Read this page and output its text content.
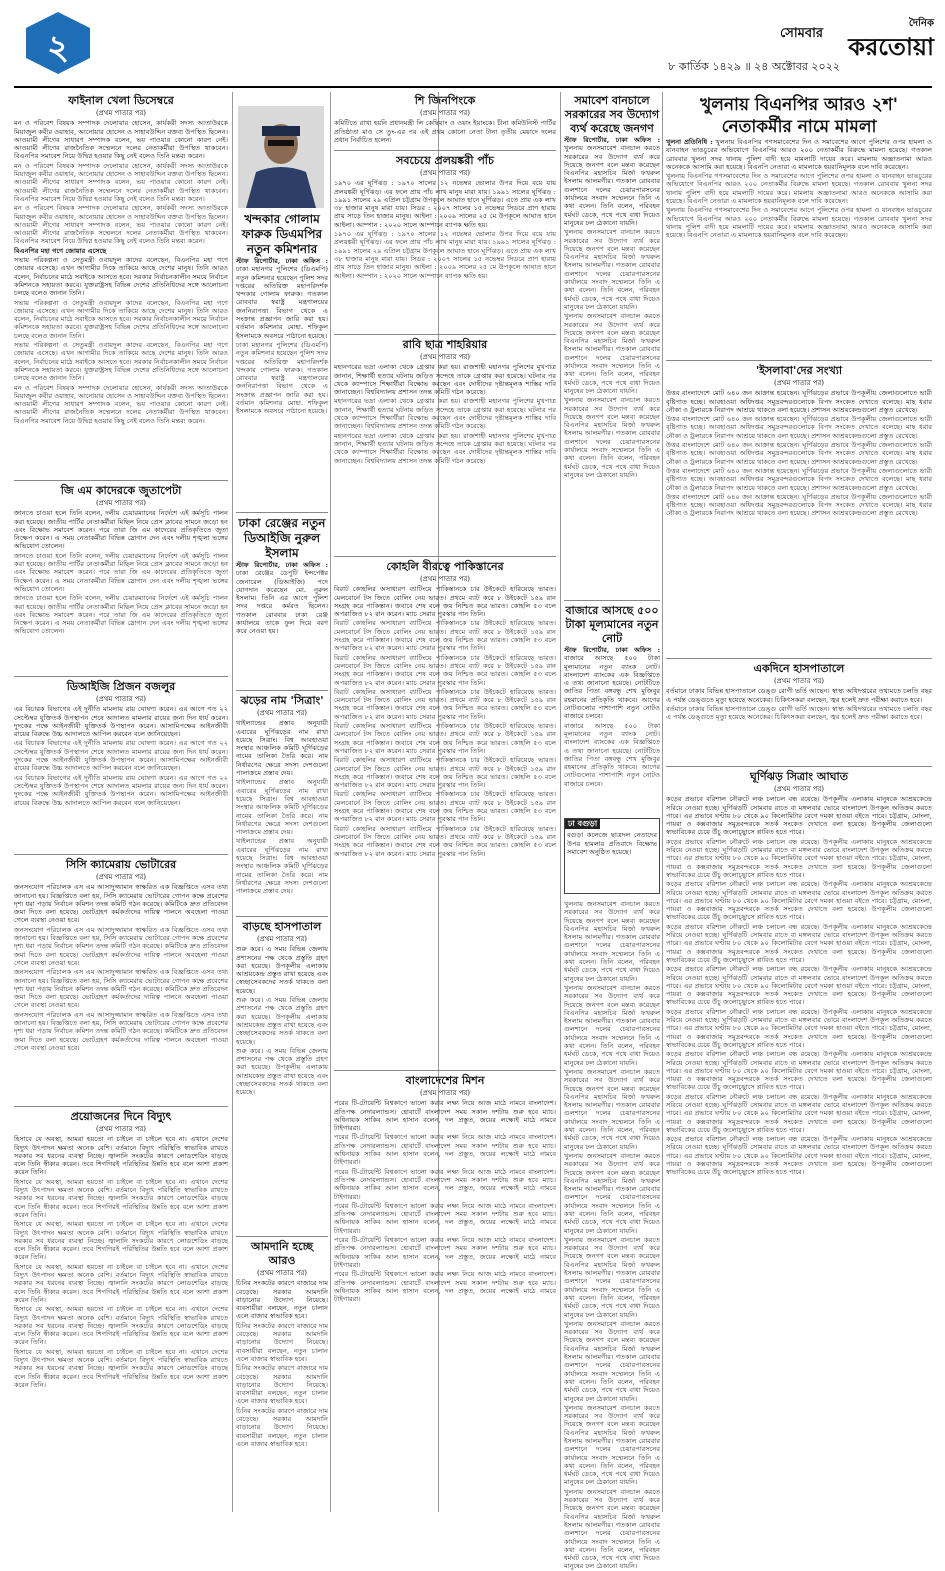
২	সোমবার
৮ কার্তিক ১৪২৯ ॥ ২৪ অক্টোবর ২০২২
দৈনিক
করতোয়া
ফাইনাল খেলা ডিসেম্বরে
(প্রথম পাতার পর)

মন ও পরিবেশ বিষয়ক সম্পাদক দেলোয়ার হোসেন, কার্যকরী সদস্য আতাউরকে মিয়াজুল কবীর ওয়াহাব, আনোয়ার হোসেন ও সাহাবউদ্দিন বক্তব্য উপস্থিত ছিলেন। আওয়ামী লীগের সাধারণ সম্পাদক বলেন, ভয় পাওয়ার কোনো কারণ নেই। আওয়ামী লীগের রাজনৈতিক সম্মেলনে দলের নেতাকর্মীরা উপস্থিত থাকবেন। বিএনপির সমাবেশ নিয়ে উদ্বিগ্ন হওয়ার কিছু নেই বলেও তিনি মন্তব্য করেন।

মন ও পরিবেশ বিষয়ক সম্পাদক দেলোয়ার হোসেন, কার্যকরী সদস্য আতাউরকে মিয়াজুল কবীর ওয়াহাব, আনোয়ার হোসেন ও সাহাবউদ্দিন বক্তব্য উপস্থিত ছিলেন। আওয়ামী লীগের সাধারণ সম্পাদক বলেন, ভয় পাওয়ার কোনো কারণ নেই। আওয়ামী লীগের রাজনৈতিক সম্মেলনে দলের নেতাকর্মীরা উপস্থিত থাকবেন। বিএনপির সমাবেশ নিয়ে উদ্বিগ্ন হওয়ার কিছু নেই বলেও তিনি মন্তব্য করেন।

মন ও পরিবেশ বিষয়ক সম্পাদক দেলোয়ার হোসেন, কার্যকরী সদস্য আতাউরকে মিয়াজুল কবীর ওয়াহাব, আনোয়ার হোসেন ও সাহাবউদ্দিন বক্তব্য উপস্থিত ছিলেন। আওয়ামী লীগের সাধারণ সম্পাদক বলেন, ভয় পাওয়ার কোনো কারণ নেই। আওয়ামী লীগের রাজনৈতিক সম্মেলনে দলের নেতাকর্মীরা উপস্থিত থাকবেন। বিএনপির সমাবেশ নিয়ে উদ্বিগ্ন হওয়ার কিছু নেই বলেও তিনি মন্তব্য করেন।

বিএনপির মহা গণে জোয়ার এসেছে

সভায় পরিকল্পনা ও সেতুমন্ত্রী ওবায়দুল কাদের বলেছেন, বিএনপির মহা গণে জোয়ার এসেছে। এখন আগামীর দিকে তাকিয়ে আছে দেশের মানুষ। তিনি আরও বলেন, নির্বাচনের মাঠে সবাইকে আসতে হবে। সরকার নির্বাচনকালীন সময়ে নির্বাচন কমিশনকে সহায়তা করবে। যুক্তরাষ্ট্রসহ বিভিন্ন দেশের প্রতিনিধিদের সঙ্গে আলোচনা চলছে বলেও জানান তিনি।

সভায় পরিকল্পনা ও সেতুমন্ত্রী ওবায়দুল কাদের বলেছেন, বিএনপির মহা গণে জোয়ার এসেছে। এখন আগামীর দিকে তাকিয়ে আছে দেশের মানুষ। তিনি আরও বলেন, নির্বাচনের মাঠে সবাইকে আসতে হবে। সরকার নির্বাচনকালীন সময়ে নির্বাচন কমিশনকে সহায়তা করবে। যুক্তরাষ্ট্রসহ বিভিন্ন দেশের প্রতিনিধিদের সঙ্গে আলোচনা চলছে বলেও জানান তিনি।

সভায় পরিকল্পনা ও সেতুমন্ত্রী ওবায়দুল কাদের বলেছেন, বিএনপির মহা গণে জোয়ার এসেছে। এখন আগামীর দিকে তাকিয়ে আছে দেশের মানুষ। তিনি আরও বলেন, নির্বাচনের মাঠে সবাইকে আসতে হবে। সরকার নির্বাচনকালীন সময়ে নির্বাচন কমিশনকে সহায়তা করবে। যুক্তরাষ্ট্রসহ বিভিন্ন দেশের প্রতিনিধিদের সঙ্গে আলোচনা চলছে বলেও জানান তিনি।

মন ও পরিবেশ বিষয়ক সম্পাদক দেলোয়ার হোসেন, কার্যকরী সদস্য আতাউরকে মিয়াজুল কবীর ওয়াহাব, আনোয়ার হোসেন ও সাহাবউদ্দিন বক্তব্য উপস্থিত ছিলেন। আওয়ামী লীগের সাধারণ সম্পাদক বলেন, ভয় পাওয়ার কোনো কারণ নেই। আওয়ামী লীগের রাজনৈতিক সম্মেলনে দলের নেতাকর্মীরা উপস্থিত থাকবেন। বিএনপির সমাবেশ নিয়ে উদ্বিগ্ন হওয়ার কিছু নেই বলেও তিনি মন্তব্য করেন।

জি এম কাদেরকে জুতাপেটা
(প্রথম পাতার পর)

জানতে চাওয়া হলে তিনি বলেন, দলীয় চেয়ারম্যানের নির্দেশে এই কর্মসূচি পালন করা হয়েছে। জাতীয় পার্টির নেতাকর্মীরা মিছিল নিয়ে প্রেস ক্লাবের সামনে জড়ো হন এবং বিক্ষোভ সমাবেশ করেন। পরে তারা জি এম কাদেরের প্রতিকৃতিতে জুতা নিক্ষেপ করেন। এ সময় নেতাকর্মীরা বিভিন্ন স্লোগান দেন এবং দলীয় শৃঙ্খলা ভঙ্গের অভিযোগ তোলেন।

জানতে চাওয়া হলে তিনি বলেন, দলীয় চেয়ারম্যানের নির্দেশে এই কর্মসূচি পালন করা হয়েছে। জাতীয় পার্টির নেতাকর্মীরা মিছিল নিয়ে প্রেস ক্লাবের সামনে জড়ো হন এবং বিক্ষোভ সমাবেশ করেন। পরে তারা জি এম কাদেরের প্রতিকৃতিতে জুতা নিক্ষেপ করেন। এ সময় নেতাকর্মীরা বিভিন্ন স্লোগান দেন এবং দলীয় শৃঙ্খলা ভঙ্গের অভিযোগ তোলেন।

জানতে চাওয়া হলে তিনি বলেন, দলীয় চেয়ারম্যানের নির্দেশে এই কর্মসূচি পালন করা হয়েছে। জাতীয় পার্টির নেতাকর্মীরা মিছিল নিয়ে প্রেস ক্লাবের সামনে জড়ো হন এবং বিক্ষোভ সমাবেশ করেন। পরে তারা জি এম কাদেরের প্রতিকৃতিতে জুতা নিক্ষেপ করেন। এ সময় নেতাকর্মীরা বিভিন্ন স্লোগান দেন এবং দলীয় শৃঙ্খলা ভঙ্গের অভিযোগ তোলেন।

ডিআইজি প্রিজন বজলুর
(প্রথম পাতার পর)

এর বিচারক বিভাগের এই দুর্নীতি মামলায় রায় ঘোষণা করেন। এর আগে গত ২২ সেপ্টেম্বর যুক্তিতর্ক উপস্থাপন শেষে আদালত মামলার রায়ের জন্য দিন ধার্য করেন। দুদকের পক্ষে আইনজীবী যুক্তিতর্ক উপস্থাপন করেন। আসামিপক্ষের আইনজীবী রায়ের বিরুদ্ধে উচ্চ আদালতে আপিল করবেন বলে জানিয়েছেন।

এর বিচারক বিভাগের এই দুর্নীতি মামলায় রায় ঘোষণা করেন। এর আগে গত ২২ সেপ্টেম্বর যুক্তিতর্ক উপস্থাপন শেষে আদালত মামলার রায়ের জন্য দিন ধার্য করেন। দুদকের পক্ষে আইনজীবী যুক্তিতর্ক উপস্থাপন করেন। আসামিপক্ষের আইনজীবী রায়ের বিরুদ্ধে উচ্চ আদালতে আপিল করবেন বলে জানিয়েছেন।

এর বিচারক বিভাগের এই দুর্নীতি মামলায় রায় ঘোষণা করেন। এর আগে গত ২২ সেপ্টেম্বর যুক্তিতর্ক উপস্থাপন শেষে আদালত মামলার রায়ের জন্য দিন ধার্য করেন। দুদকের পক্ষে আইনজীবী যুক্তিতর্ক উপস্থাপন করেন। আসামিপক্ষের আইনজীবী রায়ের বিরুদ্ধে উচ্চ আদালতে আপিল করবেন বলে জানিয়েছেন।

সিসি ক্যামেরায় ভোটারের
(প্রথম পাতার পর)

জনসংযোগ পরিচালক এস এম আসাদুজ্জামান স্বাক্ষরিত এক বিজ্ঞপ্তিতে এসব তথ্য জানানো হয়। বিজ্ঞপ্তিতে বলা হয়, সিসি ক্যামেরায় ভোটারের গোপন কক্ষে প্রবেশের দৃশ্য ধরা পড়ায় নির্বাচন কমিশন তদন্ত কমিটি গঠন করেছে। কমিটিকে দ্রুত প্রতিবেদন জমা দিতে বলা হয়েছে। ভোটগ্রহণ কর্মকর্তাদের দায়িত্ব পালনে অবহেলা পাওয়া গেলে ব্যবস্থা নেওয়া হবে।

জনসংযোগ পরিচালক এস এম আসাদুজ্জামান স্বাক্ষরিত এক বিজ্ঞপ্তিতে এসব তথ্য জানানো হয়। বিজ্ঞপ্তিতে বলা হয়, সিসি ক্যামেরায় ভোটারের গোপন কক্ষে প্রবেশের দৃশ্য ধরা পড়ায় নির্বাচন কমিশন তদন্ত কমিটি গঠন করেছে। কমিটিকে দ্রুত প্রতিবেদন জমা দিতে বলা হয়েছে। ভোটগ্রহণ কর্মকর্তাদের দায়িত্ব পালনে অবহেলা পাওয়া গেলে ব্যবস্থা নেওয়া হবে।

জনসংযোগ পরিচালক এস এম আসাদুজ্জামান স্বাক্ষরিত এক বিজ্ঞপ্তিতে এসব তথ্য জানানো হয়। বিজ্ঞপ্তিতে বলা হয়, সিসি ক্যামেরায় ভোটারের গোপন কক্ষে প্রবেশের দৃশ্য ধরা পড়ায় নির্বাচন কমিশন তদন্ত কমিটি গঠন করেছে। কমিটিকে দ্রুত প্রতিবেদন জমা দিতে বলা হয়েছে। ভোটগ্রহণ কর্মকর্তাদের দায়িত্ব পালনে অবহেলা পাওয়া গেলে ব্যবস্থা নেওয়া হবে।

জনসংযোগ পরিচালক এস এম আসাদুজ্জামান স্বাক্ষরিত এক বিজ্ঞপ্তিতে এসব তথ্য জানানো হয়। বিজ্ঞপ্তিতে বলা হয়, সিসি ক্যামেরায় ভোটারের গোপন কক্ষে প্রবেশের দৃশ্য ধরা পড়ায় নির্বাচন কমিশন তদন্ত কমিটি গঠন করেছে। কমিটিকে দ্রুত প্রতিবেদন জমা দিতে বলা হয়েছে। ভোটগ্রহণ কর্মকর্তাদের দায়িত্ব পালনে অবহেলা পাওয়া গেলে ব্যবস্থা নেওয়া হবে।

প্রয়োজনের দিনে বিদ্যুৎ
(প্রথম পাতার পর)

হিসাবে যে অবস্থা, আমরা হয়তো না চাইলে বা চাইলে হবে না। এখানে দেশের বিদ্যুৎ উৎপাদন ক্ষমতা অনেক বেশি। বর্তমানে বিদ্যুৎ পরিস্থিতি স্বাভাবিক রাখতে সরকার সব ধরনের ব্যবস্থা নিচ্ছে। জ্বালানি সংকটের কারণে লোডশেডিং বাড়ছে বলে তিনি স্বীকার করেন। তবে শিগগিরই পরিস্থিতির উন্নতি হবে বলে আশা প্রকাশ করেন তিনি।

হিসাবে যে অবস্থা, আমরা হয়তো না চাইলে বা চাইলে হবে না। এখানে দেশের বিদ্যুৎ উৎপাদন ক্ষমতা অনেক বেশি। বর্তমানে বিদ্যুৎ পরিস্থিতি স্বাভাবিক রাখতে সরকার সব ধরনের ব্যবস্থা নিচ্ছে। জ্বালানি সংকটের কারণে লোডশেডিং বাড়ছে বলে তিনি স্বীকার করেন। তবে শিগগিরই পরিস্থিতির উন্নতি হবে বলে আশা প্রকাশ করেন তিনি।

হিসাবে যে অবস্থা, আমরা হয়তো না চাইলে বা চাইলে হবে না। এখানে দেশের বিদ্যুৎ উৎপাদন ক্ষমতা অনেক বেশি। বর্তমানে বিদ্যুৎ পরিস্থিতি স্বাভাবিক রাখতে সরকার সব ধরনের ব্যবস্থা নিচ্ছে। জ্বালানি সংকটের কারণে লোডশেডিং বাড়ছে বলে তিনি স্বীকার করেন। তবে শিগগিরই পরিস্থিতির উন্নতি হবে বলে আশা প্রকাশ করেন তিনি।

হিসাবে যে অবস্থা, আমরা হয়তো না চাইলে বা চাইলে হবে না। এখানে দেশের বিদ্যুৎ উৎপাদন ক্ষমতা অনেক বেশি। বর্তমানে বিদ্যুৎ পরিস্থিতি স্বাভাবিক রাখতে সরকার সব ধরনের ব্যবস্থা নিচ্ছে। জ্বালানি সংকটের কারণে লোডশেডিং বাড়ছে বলে তিনি স্বীকার করেন। তবে শিগগিরই পরিস্থিতির উন্নতি হবে বলে আশা প্রকাশ করেন তিনি।

হিসাবে যে অবস্থা, আমরা হয়তো না চাইলে বা চাইলে হবে না। এখানে দেশের বিদ্যুৎ উৎপাদন ক্ষমতা অনেক বেশি। বর্তমানে বিদ্যুৎ পরিস্থিতি স্বাভাবিক রাখতে সরকার সব ধরনের ব্যবস্থা নিচ্ছে। জ্বালানি সংকটের কারণে লোডশেডিং বাড়ছে বলে তিনি স্বীকার করেন। তবে শিগগিরই পরিস্থিতির উন্নতি হবে বলে আশা প্রকাশ করেন তিনি।

হিসাবে যে অবস্থা, আমরা হয়তো না চাইলে বা চাইলে হবে না। এখানে দেশের বিদ্যুৎ উৎপাদন ক্ষমতা অনেক বেশি। বর্তমানে বিদ্যুৎ পরিস্থিতি স্বাভাবিক রাখতে সরকার সব ধরনের ব্যবস্থা নিচ্ছে। জ্বালানি সংকটের কারণে লোডশেডিং বাড়ছে বলে তিনি স্বীকার করেন। তবে শিগগিরই পরিস্থিতির উন্নতি হবে বলে আশা প্রকাশ করেন তিনি।

খন্দকার গোলাম ফারুক ডিএমপির নতুন কমিশনার

স্টাফ রিপোর্টার, ঢাকা অফিস : ঢাকা মহানগর পুলিশের (ডিএমপি) নতুন কমিশনার হয়েছেন পুলিশ সদর দপ্তরের অতিরিক্ত মহাপরিদর্শক খন্দকার গোলাম ফারুক। গতকাল রোববার স্বরাষ্ট্র মন্ত্রণালয়ের জননিরাপত্তা বিভাগ থেকে এ সংক্রান্ত প্রজ্ঞাপন জারি করা হয়। বর্তমান কমিশনার মোহা. শফিকুল ইসলামকে অবসরে পাঠানো হয়েছে।

ঢাকা মহানগর পুলিশের (ডিএমপি) নতুন কমিশনার হয়েছেন পুলিশ সদর দপ্তরের অতিরিক্ত মহাপরিদর্শক খন্দকার গোলাম ফারুক। গতকাল রোববার স্বরাষ্ট্র মন্ত্রণালয়ের জননিরাপত্তা বিভাগ থেকে এ সংক্রান্ত প্রজ্ঞাপন জারি করা হয়। বর্তমান কমিশনার মোহা. শফিকুল ইসলামকে অবসরে পাঠানো হয়েছে।

ঢাকা রেঞ্জের নতুন ডিআইজি নুরুল ইসলাম

স্টাফ রিপোর্টার, ঢাকা অফিস : ঢাকা রেঞ্জের ডেপুটি ইন্সপেক্টর জেনারেল (ডিআইজি) পদে যোগদান করেছেন মো. নুরুল ইসলাম। তিনি এর আগে পুলিশ সদর দপ্তরে কর্মরত ছিলেন। গতকাল রোববার ঢাকা রেঞ্জ কার্যালয়ে তাকে ফুল দিয়ে বরণ করে নেওয়া হয়।

ঝড়ের নাম 'সিত্রাং'
(প্রথম পাতার পর)

থাইল্যান্ডের প্রস্তাব অনুযায়ী এবারের ঘূর্ণিঝড়ের নাম রাখা হয়েছে সিত্রাং। বিশ্ব আবহাওয়া সংস্থার আঞ্চলিক কমিটি ঘূর্ণিঝড়ের নামের তালিকা তৈরি করে। নাম নির্ধারণের ক্ষেত্রে সদস্য দেশগুলো পালাক্রমে প্রস্তাব দেয়।

থাইল্যান্ডের প্রস্তাব অনুযায়ী এবারের ঘূর্ণিঝড়ের নাম রাখা হয়েছে সিত্রাং। বিশ্ব আবহাওয়া সংস্থার আঞ্চলিক কমিটি ঘূর্ণিঝড়ের নামের তালিকা তৈরি করে। নাম নির্ধারণের ক্ষেত্রে সদস্য দেশগুলো পালাক্রমে প্রস্তাব দেয়।

থাইল্যান্ডের প্রস্তাব অনুযায়ী এবারের ঘূর্ণিঝড়ের নাম রাখা হয়েছে সিত্রাং। বিশ্ব আবহাওয়া সংস্থার আঞ্চলিক কমিটি ঘূর্ণিঝড়ের নামের তালিকা তৈরি করে। নাম নির্ধারণের ক্ষেত্রে সদস্য দেশগুলো পালাক্রমে প্রস্তাব দেয়।

বাড়ছে হাসপাতাল
(প্রথম পাতার পর)

শুরু করে। এ সময় বিভিন্ন জেলায় প্রশাসনের পক্ষ থেকে প্রস্তুতি গ্রহণ করা হয়েছে। উপকূলীয় এলাকায় আশ্রয়কেন্দ্র প্রস্তুত রাখা হয়েছে এবং স্বেচ্ছাসেবকদের সতর্ক থাকতে বলা হয়েছে।

শুরু করে। এ সময় বিভিন্ন জেলায় প্রশাসনের পক্ষ থেকে প্রস্তুতি গ্রহণ করা হয়েছে। উপকূলীয় এলাকায় আশ্রয়কেন্দ্র প্রস্তুত রাখা হয়েছে এবং স্বেচ্ছাসেবকদের সতর্ক থাকতে বলা হয়েছে।

শুরু করে। এ সময় বিভিন্ন জেলায় প্রশাসনের পক্ষ থেকে প্রস্তুতি গ্রহণ করা হয়েছে। উপকূলীয় এলাকায় আশ্রয়কেন্দ্র প্রস্তুত রাখা হয়েছে এবং স্বেচ্ছাসেবকদের সতর্ক থাকতে বলা হয়েছে।

আমদানি হচ্ছে আরও
(প্রথম পাতার পর)

চিনির সংকটের কারণে বাজারে দাম বেড়েছে। সরকার আমদানি বাড়ানোর উদ্যোগ নিয়েছে। ব্যবসায়ীরা বলছেন, নতুন চালান এলে বাজার স্বাভাবিক হবে।

চিনির সংকটের কারণে বাজারে দাম বেড়েছে। সরকার আমদানি বাড়ানোর উদ্যোগ নিয়েছে। ব্যবসায়ীরা বলছেন, নতুন চালান এলে বাজার স্বাভাবিক হবে।

চিনির সংকটের কারণে বাজারে দাম বেড়েছে। সরকার আমদানি বাড়ানোর উদ্যোগ নিয়েছে। ব্যবসায়ীরা বলছেন, নতুন চালান এলে বাজার স্বাভাবিক হবে।

চিনির সংকটের কারণে বাজারে দাম বেড়েছে। সরকার আমদানি বাড়ানোর উদ্যোগ নিয়েছে। ব্যবসায়ীরা বলছেন, নতুন চালান এলে বাজার স্বাভাবিক হবে।

শি জিনপিংকে
(প্রথম পাতার পর)

কমিটিতে রাখা হয়নি প্রধানমন্ত্রী লি কেছিয়াং ও ওয়াং ইয়াংকে। চীনা কমিউনিস্ট পার্টির প্রতিষ্ঠাতা মাও সে তুং-এর পর এই প্রথম কোনো নেতা টানা তৃতীয় মেয়াদে দলের প্রধান নির্বাচিত হলেন।

সবচেয়ে প্রলয়ঙ্করী পাঁচ
(প্রথম পাতার পর)

১৯৭০ এর ঘূর্ণিঝড় : ১৯৭০ সালের ১২ নভেম্বর ভোলার উপর দিয়ে বয়ে যায় প্রলয়ঙ্করী ঘূর্ণিঝড়। এর ফলে প্রায় পাঁচ লাখ মানুষ মারা যায়। ১৯৯১ সালের ঘূর্ণিঝড় : ১৯৯১ সালের ২৯ এপ্রিল চট্টগ্রাম উপকূলে আঘাত হানে ঘূর্ণিঝড়। এতে প্রায় এক লাখ ৩৮ হাজার মানুষ মারা যায়। সিডর : ২০০৭ সালের ১৫ নভেম্বর সিডরে প্রাণ হারায় প্রায় সাড়ে তিন হাজার মানুষ। আইলা : ২০০৯ সালের ২৫ মে উপকূলে আঘাত হানে আইলা। আম্পান : ২০২০ সালে আম্পানে ব্যাপক ক্ষতি হয়।

১৯৭০ এর ঘূর্ণিঝড় : ১৯৭০ সালের ১২ নভেম্বর ভোলার উপর দিয়ে বয়ে যায় প্রলয়ঙ্করী ঘূর্ণিঝড়। এর ফলে প্রায় পাঁচ লাখ মানুষ মারা যায়। ১৯৯১ সালের ঘূর্ণিঝড় : ১৯৯১ সালের ২৯ এপ্রিল চট্টগ্রাম উপকূলে আঘাত হানে ঘূর্ণিঝড়। এতে প্রায় এক লাখ ৩৮ হাজার মানুষ মারা যায়। সিডর : ২০০৭ সালের ১৫ নভেম্বর সিডরে প্রাণ হারায় প্রায় সাড়ে তিন হাজার মানুষ। আইলা : ২০০৯ সালের ২৫ মে উপকূলে আঘাত হানে আইলা। আম্পান : ২০২০ সালে আম্পানে ব্যাপক ক্ষতি হয়।

রাবি ছাত্র শাহরিয়ার
(প্রথম পাতার পর)

মহানগরের ভদ্রা এলাকা থেকে গ্রেপ্তার করা হয়। রাজশাহী মহানগর পুলিশের মুখপাত্র জানান, শিক্ষার্থী হত্যার ঘটনায় জড়িত সন্দেহে তাকে গ্রেপ্তার করা হয়েছে। ঘটনার পর থেকে ক্যাম্পাসে শিক্ষার্থীরা বিক্ষোভ করছেন এবং দোষীদের দৃষ্টান্তমূলক শাস্তির দাবি জানাচ্ছেন। বিশ্ববিদ্যালয় প্রশাসন তদন্ত কমিটি গঠন করেছে।

মহানগরের ভদ্রা এলাকা থেকে গ্রেপ্তার করা হয়। রাজশাহী মহানগর পুলিশের মুখপাত্র জানান, শিক্ষার্থী হত্যার ঘটনায় জড়িত সন্দেহে তাকে গ্রেপ্তার করা হয়েছে। ঘটনার পর থেকে ক্যাম্পাসে শিক্ষার্থীরা বিক্ষোভ করছেন এবং দোষীদের দৃষ্টান্তমূলক শাস্তির দাবি জানাচ্ছেন। বিশ্ববিদ্যালয় প্রশাসন তদন্ত কমিটি গঠন করেছে।

মহানগরের ভদ্রা এলাকা থেকে গ্রেপ্তার করা হয়। রাজশাহী মহানগর পুলিশের মুখপাত্র জানান, শিক্ষার্থী হত্যার ঘটনায় জড়িত সন্দেহে তাকে গ্রেপ্তার করা হয়েছে। ঘটনার পর থেকে ক্যাম্পাসে শিক্ষার্থীরা বিক্ষোভ করছেন এবং দোষীদের দৃষ্টান্তমূলক শাস্তির দাবি জানাচ্ছেন। বিশ্ববিদ্যালয় প্রশাসন তদন্ত কমিটি গঠন করেছে।

কোহলি বীরত্বে পাকিস্তানের
(প্রথম পাতার পর)

বিরাট কোহলির অসাধারণ ব্যাটিংয়ে পাকিস্তানকে চার উইকেটে হারিয়েছে ভারত। মেলবোর্নে টস জিতে বোলিং নেয় ভারত। প্রথমে ব্যাট করে ৮ উইকেটে ১৫৯ রান সংগ্রহ করে পাকিস্তান। জবাবে শেষ বলে জয় নিশ্চিত করে ভারত। কোহলি ৫৩ বলে অপরাজিত ৮২ রান করেন। ম্যাচ সেরার পুরস্কার পান তিনি।

বিরাট কোহলির অসাধারণ ব্যাটিংয়ে পাকিস্তানকে চার উইকেটে হারিয়েছে ভারত। মেলবোর্নে টস জিতে বোলিং নেয় ভারত। প্রথমে ব্যাট করে ৮ উইকেটে ১৫৯ রান সংগ্রহ করে পাকিস্তান। জবাবে শেষ বলে জয় নিশ্চিত করে ভারত। কোহলি ৫৩ বলে অপরাজিত ৮২ রান করেন। ম্যাচ সেরার পুরস্কার পান তিনি।

বিরাট কোহলির অসাধারণ ব্যাটিংয়ে পাকিস্তানকে চার উইকেটে হারিয়েছে ভারত। মেলবোর্নে টস জিতে বোলিং নেয় ভারত। প্রথমে ব্যাট করে ৮ উইকেটে ১৫৯ রান সংগ্রহ করে পাকিস্তান। জবাবে শেষ বলে জয় নিশ্চিত করে ভারত। কোহলি ৫৩ বলে অপরাজিত ৮২ রান করেন। ম্যাচ সেরার পুরস্কার পান তিনি।

বিরাট কোহলির অসাধারণ ব্যাটিংয়ে পাকিস্তানকে চার উইকেটে হারিয়েছে ভারত। মেলবোর্নে টস জিতে বোলিং নেয় ভারত। প্রথমে ব্যাট করে ৮ উইকেটে ১৫৯ রান সংগ্রহ করে পাকিস্তান। জবাবে শেষ বলে জয় নিশ্চিত করে ভারত। কোহলি ৫৩ বলে অপরাজিত ৮২ রান করেন। ম্যাচ সেরার পুরস্কার পান তিনি।

বিরাট কোহলির অসাধারণ ব্যাটিংয়ে পাকিস্তানকে চার উইকেটে হারিয়েছে ভারত। মেলবোর্নে টস জিতে বোলিং নেয় ভারত। প্রথমে ব্যাট করে ৮ উইকেটে ১৫৯ রান সংগ্রহ করে পাকিস্তান। জবাবে শেষ বলে জয় নিশ্চিত করে ভারত। কোহলি ৫৩ বলে অপরাজিত ৮২ রান করেন। ম্যাচ সেরার পুরস্কার পান তিনি।

বিরাট কোহলির অসাধারণ ব্যাটিংয়ে পাকিস্তানকে চার উইকেটে হারিয়েছে ভারত। মেলবোর্নে টস জিতে বোলিং নেয় ভারত। প্রথমে ব্যাট করে ৮ উইকেটে ১৫৯ রান সংগ্রহ করে পাকিস্তান। জবাবে শেষ বলে জয় নিশ্চিত করে ভারত। কোহলি ৫৩ বলে অপরাজিত ৮২ রান করেন। ম্যাচ সেরার পুরস্কার পান তিনি।

বিরাট কোহলির অসাধারণ ব্যাটিংয়ে পাকিস্তানকে চার উইকেটে হারিয়েছে ভারত। মেলবোর্নে টস জিতে বোলিং নেয় ভারত। প্রথমে ব্যাট করে ৮ উইকেটে ১৫৯ রান সংগ্রহ করে পাকিস্তান। জবাবে শেষ বলে জয় নিশ্চিত করে ভারত। কোহলি ৫৩ বলে অপরাজিত ৮২ রান করেন। ম্যাচ সেরার পুরস্কার পান তিনি।

বিরাট কোহলির অসাধারণ ব্যাটিংয়ে পাকিস্তানকে চার উইকেটে হারিয়েছে ভারত। মেলবোর্নে টস জিতে বোলিং নেয় ভারত। প্রথমে ব্যাট করে ৮ উইকেটে ১৫৯ রান সংগ্রহ করে পাকিস্তান। জবাবে শেষ বলে জয় নিশ্চিত করে ভারত। কোহলি ৫৩ বলে অপরাজিত ৮২ রান করেন। ম্যাচ সেরার পুরস্কার পান তিনি।

বাংলাদেশের মিশন
(প্রথম পাতার পর)

পরের টি-টোয়েন্টি বিশ্বকাপে ভালো করার লক্ষ্য নিয়ে আজ মাঠে নামবে বাংলাদেশ। প্রতিপক্ষ নেদারল্যান্ডস। হোবার্টে বাংলাদেশ সময় সকাল দশটায় শুরু হবে ম্যাচ। অধিনায়ক সাকিব আল হাসান বলেন, দল প্রস্তুত, জয়ের লক্ষ্যেই মাঠে নামবে টাইগাররা।

পরের টি-টোয়েন্টি বিশ্বকাপে ভালো করার লক্ষ্য নিয়ে আজ মাঠে নামবে বাংলাদেশ। প্রতিপক্ষ নেদারল্যান্ডস। হোবার্টে বাংলাদেশ সময় সকাল দশটায় শুরু হবে ম্যাচ। অধিনায়ক সাকিব আল হাসান বলেন, দল প্রস্তুত, জয়ের লক্ষ্যেই মাঠে নামবে টাইগাররা।

পরের টি-টোয়েন্টি বিশ্বকাপে ভালো করার লক্ষ্য নিয়ে আজ মাঠে নামবে বাংলাদেশ। প্রতিপক্ষ নেদারল্যান্ডস। হোবার্টে বাংলাদেশ সময় সকাল দশটায় শুরু হবে ম্যাচ। অধিনায়ক সাকিব আল হাসান বলেন, দল প্রস্তুত, জয়ের লক্ষ্যেই মাঠে নামবে টাইগাররা।

পরের টি-টোয়েন্টি বিশ্বকাপে ভালো করার লক্ষ্য নিয়ে আজ মাঠে নামবে বাংলাদেশ। প্রতিপক্ষ নেদারল্যান্ডস। হোবার্টে বাংলাদেশ সময় সকাল দশটায় শুরু হবে ম্যাচ। অধিনায়ক সাকিব আল হাসান বলেন, দল প্রস্তুত, জয়ের লক্ষ্যেই মাঠে নামবে টাইগাররা।

পরের টি-টোয়েন্টি বিশ্বকাপে ভালো করার লক্ষ্য নিয়ে আজ মাঠে নামবে বাংলাদেশ। প্রতিপক্ষ নেদারল্যান্ডস। হোবার্টে বাংলাদেশ সময় সকাল দশটায় শুরু হবে ম্যাচ। অধিনায়ক সাকিব আল হাসান বলেন, দল প্রস্তুত, জয়ের লক্ষ্যেই মাঠে নামবে টাইগাররা।

পরের টি-টোয়েন্টি বিশ্বকাপে ভালো করার লক্ষ্য নিয়ে আজ মাঠে নামবে বাংলাদেশ। প্রতিপক্ষ নেদারল্যান্ডস। হোবার্টে বাংলাদেশ সময় সকাল দশটায় শুরু হবে ম্যাচ। অধিনায়ক সাকিব আল হাসান বলেন, দল প্রস্তুত, জয়ের লক্ষ্যেই মাঠে নামবে টাইগাররা।

সমাবেশ বানচালে সরকারের সব উদ্যোগ ব্যর্থ করেছে জনগণ

স্টাফ রিপোর্টার, ঢাকা অফিস : খুলনায় জনসমাবেশ বানচাল করতে সরকারের সব উদ্যোগ ব্যর্থ করে দিয়েছে জনগণ বলে মন্তব্য করেছেন বিএনপির মহাসচিব মির্জা ফখরুল ইসলাম আলমগীর। গতকাল রোববার গুলশানে দলের চেয়ারপারসনের কার্যালয়ে সংবাদ সম্মেলনে তিনি এ কথা বলেন। তিনি বলেন, পরিবহন ধর্মঘট ডেকে, পথে পথে বাধা দিয়েও মানুষের ঢল ঠেকানো যায়নি।

খুলনায় জনসমাবেশ বানচাল করতে সরকারের সব উদ্যোগ ব্যর্থ করে দিয়েছে জনগণ বলে মন্তব্য করেছেন বিএনপির মহাসচিব মির্জা ফখরুল ইসলাম আলমগীর। গতকাল রোববার গুলশানে দলের চেয়ারপারসনের কার্যালয়ে সংবাদ সম্মেলনে তিনি এ কথা বলেন। তিনি বলেন, পরিবহন ধর্মঘট ডেকে, পথে পথে বাধা দিয়েও মানুষের ঢল ঠেকানো যায়নি।

খুলনায় জনসমাবেশ বানচাল করতে সরকারের সব উদ্যোগ ব্যর্থ করে দিয়েছে জনগণ বলে মন্তব্য করেছেন বিএনপির মহাসচিব মির্জা ফখরুল ইসলাম আলমগীর। গতকাল রোববার গুলশানে দলের চেয়ারপারসনের কার্যালয়ে সংবাদ সম্মেলনে তিনি এ কথা বলেন। তিনি বলেন, পরিবহন ধর্মঘট ডেকে, পথে পথে বাধা দিয়েও মানুষের ঢল ঠেকানো যায়নি।

খুলনায় জনসমাবেশ বানচাল করতে সরকারের সব উদ্যোগ ব্যর্থ করে দিয়েছে জনগণ বলে মন্তব্য করেছেন বিএনপির মহাসচিব মির্জা ফখরুল ইসলাম আলমগীর। গতকাল রোববার গুলশানে দলের চেয়ারপারসনের কার্যালয়ে সংবাদ সম্মেলনে তিনি এ কথা বলেন। তিনি বলেন, পরিবহন ধর্মঘট ডেকে, পথে পথে বাধা দিয়েও মানুষের ঢল ঠেকানো যায়নি।

বাজারে আসছে ৫০০ টাকা মূল্যমানের নতুন নোট

স্টাফ রিপোর্টার, ঢাকা অফিস : বাজারে আসছে ৫০০ টাকা মূল্যমানের নতুন ব্যাংক নোট। বাংলাদেশ ব্যাংকের এক বিজ্ঞপ্তিতে এ তথ্য জানানো হয়েছে। নোটটিতে জাতির পিতা বঙ্গবন্ধু শেখ মুজিবুর রহমানের প্রতিকৃতি থাকবে। আগের নোটগুলোর পাশাপাশি নতুন নোটও বাজারে চলবে।

বাজারে আসছে ৫০০ টাকা মূল্যমানের নতুন ব্যাংক নোট। বাংলাদেশ ব্যাংকের এক বিজ্ঞপ্তিতে এ তথ্য জানানো হয়েছে। নোটটিতে জাতির পিতা বঙ্গবন্ধু শেখ মুজিবুর রহমানের প্রতিকৃতি থাকবে। আগের নোটগুলোর পাশাপাশি নতুন নোটও বাজারে চলবে।

ঢা বগুড়া

বগুড়া কলেজে ছাত্রদল নেতাদের উপর হামলার প্রতিবাদে বিক্ষোভ সমাবেশ অনুষ্ঠিত হয়েছে।

খুলনায় জনসমাবেশ বানচাল করতে সরকারের সব উদ্যোগ ব্যর্থ করে দিয়েছে জনগণ বলে মন্তব্য করেছেন বিএনপির মহাসচিব মির্জা ফখরুল ইসলাম আলমগীর। গতকাল রোববার গুলশানে দলের চেয়ারপারসনের কার্যালয়ে সংবাদ সম্মেলনে তিনি এ কথা বলেন। তিনি বলেন, পরিবহন ধর্মঘট ডেকে, পথে পথে বাধা দিয়েও মানুষের ঢল ঠেকানো যায়নি।

খুলনায় জনসমাবেশ বানচাল করতে সরকারের সব উদ্যোগ ব্যর্থ করে দিয়েছে জনগণ বলে মন্তব্য করেছেন বিএনপির মহাসচিব মির্জা ফখরুল ইসলাম আলমগীর। গতকাল রোববার গুলশানে দলের চেয়ারপারসনের কার্যালয়ে সংবাদ সম্মেলনে তিনি এ কথা বলেন। তিনি বলেন, পরিবহন ধর্মঘট ডেকে, পথে পথে বাধা দিয়েও মানুষের ঢল ঠেকানো যায়নি।

খুলনায় জনসমাবেশ বানচাল করতে সরকারের সব উদ্যোগ ব্যর্থ করে দিয়েছে জনগণ বলে মন্তব্য করেছেন বিএনপির মহাসচিব মির্জা ফখরুল ইসলাম আলমগীর। গতকাল রোববার গুলশানে দলের চেয়ারপারসনের কার্যালয়ে সংবাদ সম্মেলনে তিনি এ কথা বলেন। তিনি বলেন, পরিবহন ধর্মঘট ডেকে, পথে পথে বাধা দিয়েও মানুষের ঢল ঠেকানো যায়নি।

খুলনায় জনসমাবেশ বানচাল করতে সরকারের সব উদ্যোগ ব্যর্থ করে দিয়েছে জনগণ বলে মন্তব্য করেছেন বিএনপির মহাসচিব মির্জা ফখরুল ইসলাম আলমগীর। গতকাল রোববার গুলশানে দলের চেয়ারপারসনের কার্যালয়ে সংবাদ সম্মেলনে তিনি এ কথা বলেন। তিনি বলেন, পরিবহন ধর্মঘট ডেকে, পথে পথে বাধা দিয়েও মানুষের ঢল ঠেকানো যায়নি।

খুলনায় জনসমাবেশ বানচাল করতে সরকারের সব উদ্যোগ ব্যর্থ করে দিয়েছে জনগণ বলে মন্তব্য করেছেন বিএনপির মহাসচিব মির্জা ফখরুল ইসলাম আলমগীর। গতকাল রোববার গুলশানে দলের চেয়ারপারসনের কার্যালয়ে সংবাদ সম্মেলনে তিনি এ কথা বলেন। তিনি বলেন, পরিবহন ধর্মঘট ডেকে, পথে পথে বাধা দিয়েও মানুষের ঢল ঠেকানো যায়নি।

খুলনায় জনসমাবেশ বানচাল করতে সরকারের সব উদ্যোগ ব্যর্থ করে দিয়েছে জনগণ বলে মন্তব্য করেছেন বিএনপির মহাসচিব মির্জা ফখরুল ইসলাম আলমগীর। গতকাল রোববার গুলশানে দলের চেয়ারপারসনের কার্যালয়ে সংবাদ সম্মেলনে তিনি এ কথা বলেন। তিনি বলেন, পরিবহন ধর্মঘট ডেকে, পথে পথে বাধা দিয়েও মানুষের ঢল ঠেকানো যায়নি।

খুলনায় জনসমাবেশ বানচাল করতে সরকারের সব উদ্যোগ ব্যর্থ করে দিয়েছে জনগণ বলে মন্তব্য করেছেন বিএনপির মহাসচিব মির্জা ফখরুল ইসলাম আলমগীর। গতকাল রোববার গুলশানে দলের চেয়ারপারসনের কার্যালয়ে সংবাদ সম্মেলনে তিনি এ কথা বলেন। তিনি বলেন, পরিবহন ধর্মঘট ডেকে, পথে পথে বাধা দিয়েও মানুষের ঢল ঠেকানো যায়নি।

খুলনায় জনসমাবেশ বানচাল করতে সরকারের সব উদ্যোগ ব্যর্থ করে দিয়েছে জনগণ বলে মন্তব্য করেছেন বিএনপির মহাসচিব মির্জা ফখরুল ইসলাম আলমগীর। গতকাল রোববার গুলশানে দলের চেয়ারপারসনের কার্যালয়ে সংবাদ সম্মেলনে তিনি এ কথা বলেন। তিনি বলেন, পরিবহন ধর্মঘট ডেকে, পথে পথে বাধা দিয়েও মানুষের ঢল ঠেকানো যায়নি।

খুলনায় বিএনপির আরও ২শ' নেতাকর্মীর নামে মামলা

খুলনা প্রতিনিধি : খুলনায় বিএনপির গণসমাবেশের দিন ও সমাবেশের আগে পুলিশের ওপর হামলা ও যানবাহন ভাঙচুরের অভিযোগে বিএনপির আরও ২০০ নেতাকর্মীর বিরুদ্ধে মামলা হয়েছে। গতকাল রোববার খুলনা সদর থানায় পুলিশ বাদী হয়ে মামলাটি দায়ের করে। মামলায় অজ্ঞাতনামা আরও অনেককে আসামি করা হয়েছে। বিএনপি নেতারা এ মামলাকে হয়রানিমূলক বলে দাবি করেছেন।

খুলনায় বিএনপির গণসমাবেশের দিন ও সমাবেশের আগে পুলিশের ওপর হামলা ও যানবাহন ভাঙচুরের অভিযোগে বিএনপির আরও ২০০ নেতাকর্মীর বিরুদ্ধে মামলা হয়েছে। গতকাল রোববার খুলনা সদর থানায় পুলিশ বাদী হয়ে মামলাটি দায়ের করে। মামলায় অজ্ঞাতনামা আরও অনেককে আসামি করা হয়েছে। বিএনপি নেতারা এ মামলাকে হয়রানিমূলক বলে দাবি করেছেন।

খুলনায় বিএনপির গণসমাবেশের দিন ও সমাবেশের আগে পুলিশের ওপর হামলা ও যানবাহন ভাঙচুরের অভিযোগে বিএনপির আরও ২০০ নেতাকর্মীর বিরুদ্ধে মামলা হয়েছে। গতকাল রোববার খুলনা সদর থানায় পুলিশ বাদী হয়ে মামলাটি দায়ের করে। মামলায় অজ্ঞাতনামা আরও অনেককে আসামি করা হয়েছে। বিএনপি নেতারা এ মামলাকে হয়রানিমূলক বলে দাবি করেছেন।

'ইসলাবা'দের সংখ্যা
(প্রথম পাতার পর)

উত্তর বাংলাদেশে মোট ৬৪০ জন আক্রান্ত হয়েছেন। ঘূর্ণিঝড়ের প্রভাবে উপকূলীয় জেলাগুলোতে ভারী বৃষ্টিপাত হচ্ছে। আবহাওয়া অধিদপ্তর সমুদ্রবন্দরগুলোকে বিপদ সংকেত দেখাতে বলেছে। মাছ ধরার নৌকা ও ট্রলারকে নিরাপদ আশ্রয়ে থাকতে বলা হয়েছে। প্রশাসন আশ্রয়কেন্দ্রগুলো প্রস্তুত রেখেছে।

উত্তর বাংলাদেশে মোট ৬৪০ জন আক্রান্ত হয়েছেন। ঘূর্ণিঝড়ের প্রভাবে উপকূলীয় জেলাগুলোতে ভারী বৃষ্টিপাত হচ্ছে। আবহাওয়া অধিদপ্তর সমুদ্রবন্দরগুলোকে বিপদ সংকেত দেখাতে বলেছে। মাছ ধরার নৌকা ও ট্রলারকে নিরাপদ আশ্রয়ে থাকতে বলা হয়েছে। প্রশাসন আশ্রয়কেন্দ্রগুলো প্রস্তুত রেখেছে।

উত্তর বাংলাদেশে মোট ৬৪০ জন আক্রান্ত হয়েছেন। ঘূর্ণিঝড়ের প্রভাবে উপকূলীয় জেলাগুলোতে ভারী বৃষ্টিপাত হচ্ছে। আবহাওয়া অধিদপ্তর সমুদ্রবন্দরগুলোকে বিপদ সংকেত দেখাতে বলেছে। মাছ ধরার নৌকা ও ট্রলারকে নিরাপদ আশ্রয়ে থাকতে বলা হয়েছে। প্রশাসন আশ্রয়কেন্দ্রগুলো প্রস্তুত রেখেছে।

উত্তর বাংলাদেশে মোট ৬৪০ জন আক্রান্ত হয়েছেন। ঘূর্ণিঝড়ের প্রভাবে উপকূলীয় জেলাগুলোতে ভারী বৃষ্টিপাত হচ্ছে। আবহাওয়া অধিদপ্তর সমুদ্রবন্দরগুলোকে বিপদ সংকেত দেখাতে বলেছে। মাছ ধরার নৌকা ও ট্রলারকে নিরাপদ আশ্রয়ে থাকতে বলা হয়েছে। প্রশাসন আশ্রয়কেন্দ্রগুলো প্রস্তুত রেখেছে।

উত্তর বাংলাদেশে মোট ৬৪০ জন আক্রান্ত হয়েছেন। ঘূর্ণিঝড়ের প্রভাবে উপকূলীয় জেলাগুলোতে ভারী বৃষ্টিপাত হচ্ছে। আবহাওয়া অধিদপ্তর সমুদ্রবন্দরগুলোকে বিপদ সংকেত দেখাতে বলেছে। মাছ ধরার নৌকা ও ট্রলারকে নিরাপদ আশ্রয়ে থাকতে বলা হয়েছে। প্রশাসন আশ্রয়কেন্দ্রগুলো প্রস্তুত রেখেছে।

একদিনে হাসপাতালে
(প্রথম পাতার পর)

বর্তমানে ঢাকার বিভিন্ন হাসপাতালে ডেঙ্গু রোগী ভর্তি আছেন। স্বাস্থ্য অধিদপ্তরের তথ্যমতে চলতি বছর এ পর্যন্ত ডেঙ্গুতে মৃত্যু হয়েছে অনেকের। চিকিৎসকরা বলছেন, জ্বর হলেই দ্রুত পরীক্ষা করাতে হবে।

বর্তমানে ঢাকার বিভিন্ন হাসপাতালে ডেঙ্গু রোগী ভর্তি আছেন। স্বাস্থ্য অধিদপ্তরের তথ্যমতে চলতি বছর এ পর্যন্ত ডেঙ্গুতে মৃত্যু হয়েছে অনেকের। চিকিৎসকরা বলছেন, জ্বর হলেই দ্রুত পরীক্ষা করাতে হবে।

ঘূর্ণিঝড় সিত্রাং আঘাত
(প্রথম পাতার পর)

কড়ের প্রভাবে বরিশাল নৌরুটে লঞ্চ চলাচল বন্ধ রয়েছে। উপকূলীয় এলাকায় মানুষকে আশ্রয়কেন্দ্রে সরিয়ে নেওয়া হচ্ছে। ঘূর্ণিঝড়টি সোমবার রাতে বা মঙ্গলবার ভোরে বাংলাদেশ উপকূল অতিক্রম করতে পারে। এর প্রভাবে ঘণ্টায় ৮০ থেকে ৯০ কিলোমিটার বেগে দমকা হাওয়া বইতে পারে। চট্টগ্রাম, মোংলা, পায়রা ও কক্সবাজার সমুদ্রবন্দরকে সতর্ক সংকেত দেখাতে বলা হয়েছে। উপকূলীয় জেলাগুলো স্বাভাবিকের চেয়ে উঁচু জলোচ্ছ্বাসে প্লাবিত হতে পারে।

কড়ের প্রভাবে বরিশাল নৌরুটে লঞ্চ চলাচল বন্ধ রয়েছে। উপকূলীয় এলাকায় মানুষকে আশ্রয়কেন্দ্রে সরিয়ে নেওয়া হচ্ছে। ঘূর্ণিঝড়টি সোমবার রাতে বা মঙ্গলবার ভোরে বাংলাদেশ উপকূল অতিক্রম করতে পারে। এর প্রভাবে ঘণ্টায় ৮০ থেকে ৯০ কিলোমিটার বেগে দমকা হাওয়া বইতে পারে। চট্টগ্রাম, মোংলা, পায়রা ও কক্সবাজার সমুদ্রবন্দরকে সতর্ক সংকেত দেখাতে বলা হয়েছে। উপকূলীয় জেলাগুলো স্বাভাবিকের চেয়ে উঁচু জলোচ্ছ্বাসে প্লাবিত হতে পারে।

কড়ের প্রভাবে বরিশাল নৌরুটে লঞ্চ চলাচল বন্ধ রয়েছে। উপকূলীয় এলাকায় মানুষকে আশ্রয়কেন্দ্রে সরিয়ে নেওয়া হচ্ছে। ঘূর্ণিঝড়টি সোমবার রাতে বা মঙ্গলবার ভোরে বাংলাদেশ উপকূল অতিক্রম করতে পারে। এর প্রভাবে ঘণ্টায় ৮০ থেকে ৯০ কিলোমিটার বেগে দমকা হাওয়া বইতে পারে। চট্টগ্রাম, মোংলা, পায়রা ও কক্সবাজার সমুদ্রবন্দরকে সতর্ক সংকেত দেখাতে বলা হয়েছে। উপকূলীয় জেলাগুলো স্বাভাবিকের চেয়ে উঁচু জলোচ্ছ্বাসে প্লাবিত হতে পারে।

কড়ের প্রভাবে বরিশাল নৌরুটে লঞ্চ চলাচল বন্ধ রয়েছে। উপকূলীয় এলাকায় মানুষকে আশ্রয়কেন্দ্রে সরিয়ে নেওয়া হচ্ছে। ঘূর্ণিঝড়টি সোমবার রাতে বা মঙ্গলবার ভোরে বাংলাদেশ উপকূল অতিক্রম করতে পারে। এর প্রভাবে ঘণ্টায় ৮০ থেকে ৯০ কিলোমিটার বেগে দমকা হাওয়া বইতে পারে। চট্টগ্রাম, মোংলা, পায়রা ও কক্সবাজার সমুদ্রবন্দরকে সতর্ক সংকেত দেখাতে বলা হয়েছে। উপকূলীয় জেলাগুলো স্বাভাবিকের চেয়ে উঁচু জলোচ্ছ্বাসে প্লাবিত হতে পারে।

কড়ের প্রভাবে বরিশাল নৌরুটে লঞ্চ চলাচল বন্ধ রয়েছে। উপকূলীয় এলাকায় মানুষকে আশ্রয়কেন্দ্রে সরিয়ে নেওয়া হচ্ছে। ঘূর্ণিঝড়টি সোমবার রাতে বা মঙ্গলবার ভোরে বাংলাদেশ উপকূল অতিক্রম করতে পারে। এর প্রভাবে ঘণ্টায় ৮০ থেকে ৯০ কিলোমিটার বেগে দমকা হাওয়া বইতে পারে। চট্টগ্রাম, মোংলা, পায়রা ও কক্সবাজার সমুদ্রবন্দরকে সতর্ক সংকেত দেখাতে বলা হয়েছে। উপকূলীয় জেলাগুলো স্বাভাবিকের চেয়ে উঁচু জলোচ্ছ্বাসে প্লাবিত হতে পারে।

কড়ের প্রভাবে বরিশাল নৌরুটে লঞ্চ চলাচল বন্ধ রয়েছে। উপকূলীয় এলাকায় মানুষকে আশ্রয়কেন্দ্রে সরিয়ে নেওয়া হচ্ছে। ঘূর্ণিঝড়টি সোমবার রাতে বা মঙ্গলবার ভোরে বাংলাদেশ উপকূল অতিক্রম করতে পারে। এর প্রভাবে ঘণ্টায় ৮০ থেকে ৯০ কিলোমিটার বেগে দমকা হাওয়া বইতে পারে। চট্টগ্রাম, মোংলা, পায়রা ও কক্সবাজার সমুদ্রবন্দরকে সতর্ক সংকেত দেখাতে বলা হয়েছে। উপকূলীয় জেলাগুলো স্বাভাবিকের চেয়ে উঁচু জলোচ্ছ্বাসে প্লাবিত হতে পারে।

কড়ের প্রভাবে বরিশাল নৌরুটে লঞ্চ চলাচল বন্ধ রয়েছে। উপকূলীয় এলাকায় মানুষকে আশ্রয়কেন্দ্রে সরিয়ে নেওয়া হচ্ছে। ঘূর্ণিঝড়টি সোমবার রাতে বা মঙ্গলবার ভোরে বাংলাদেশ উপকূল অতিক্রম করতে পারে। এর প্রভাবে ঘণ্টায় ৮০ থেকে ৯০ কিলোমিটার বেগে দমকা হাওয়া বইতে পারে। চট্টগ্রাম, মোংলা, পায়রা ও কক্সবাজার সমুদ্রবন্দরকে সতর্ক সংকেত দেখাতে বলা হয়েছে। উপকূলীয় জেলাগুলো স্বাভাবিকের চেয়ে উঁচু জলোচ্ছ্বাসে প্লাবিত হতে পারে।

কড়ের প্রভাবে বরিশাল নৌরুটে লঞ্চ চলাচল বন্ধ রয়েছে। উপকূলীয় এলাকায় মানুষকে আশ্রয়কেন্দ্রে সরিয়ে নেওয়া হচ্ছে। ঘূর্ণিঝড়টি সোমবার রাতে বা মঙ্গলবার ভোরে বাংলাদেশ উপকূল অতিক্রম করতে পারে। এর প্রভাবে ঘণ্টায় ৮০ থেকে ৯০ কিলোমিটার বেগে দমকা হাওয়া বইতে পারে। চট্টগ্রাম, মোংলা, পায়রা ও কক্সবাজার সমুদ্রবন্দরকে সতর্ক সংকেত দেখাতে বলা হয়েছে। উপকূলীয় জেলাগুলো স্বাভাবিকের চেয়ে উঁচু জলোচ্ছ্বাসে প্লাবিত হতে পারে।

কড়ের প্রভাবে বরিশাল নৌরুটে লঞ্চ চলাচল বন্ধ রয়েছে। উপকূলীয় এলাকায় মানুষকে আশ্রয়কেন্দ্রে সরিয়ে নেওয়া হচ্ছে। ঘূর্ণিঝড়টি সোমবার রাতে বা মঙ্গলবার ভোরে বাংলাদেশ উপকূল অতিক্রম করতে পারে। এর প্রভাবে ঘণ্টায় ৮০ থেকে ৯০ কিলোমিটার বেগে দমকা হাওয়া বইতে পারে। চট্টগ্রাম, মোংলা, পায়রা ও কক্সবাজার সমুদ্রবন্দরকে সতর্ক সংকেত দেখাতে বলা হয়েছে। উপকূলীয় জেলাগুলো স্বাভাবিকের চেয়ে উঁচু জলোচ্ছ্বাসে প্লাবিত হতে পারে।
